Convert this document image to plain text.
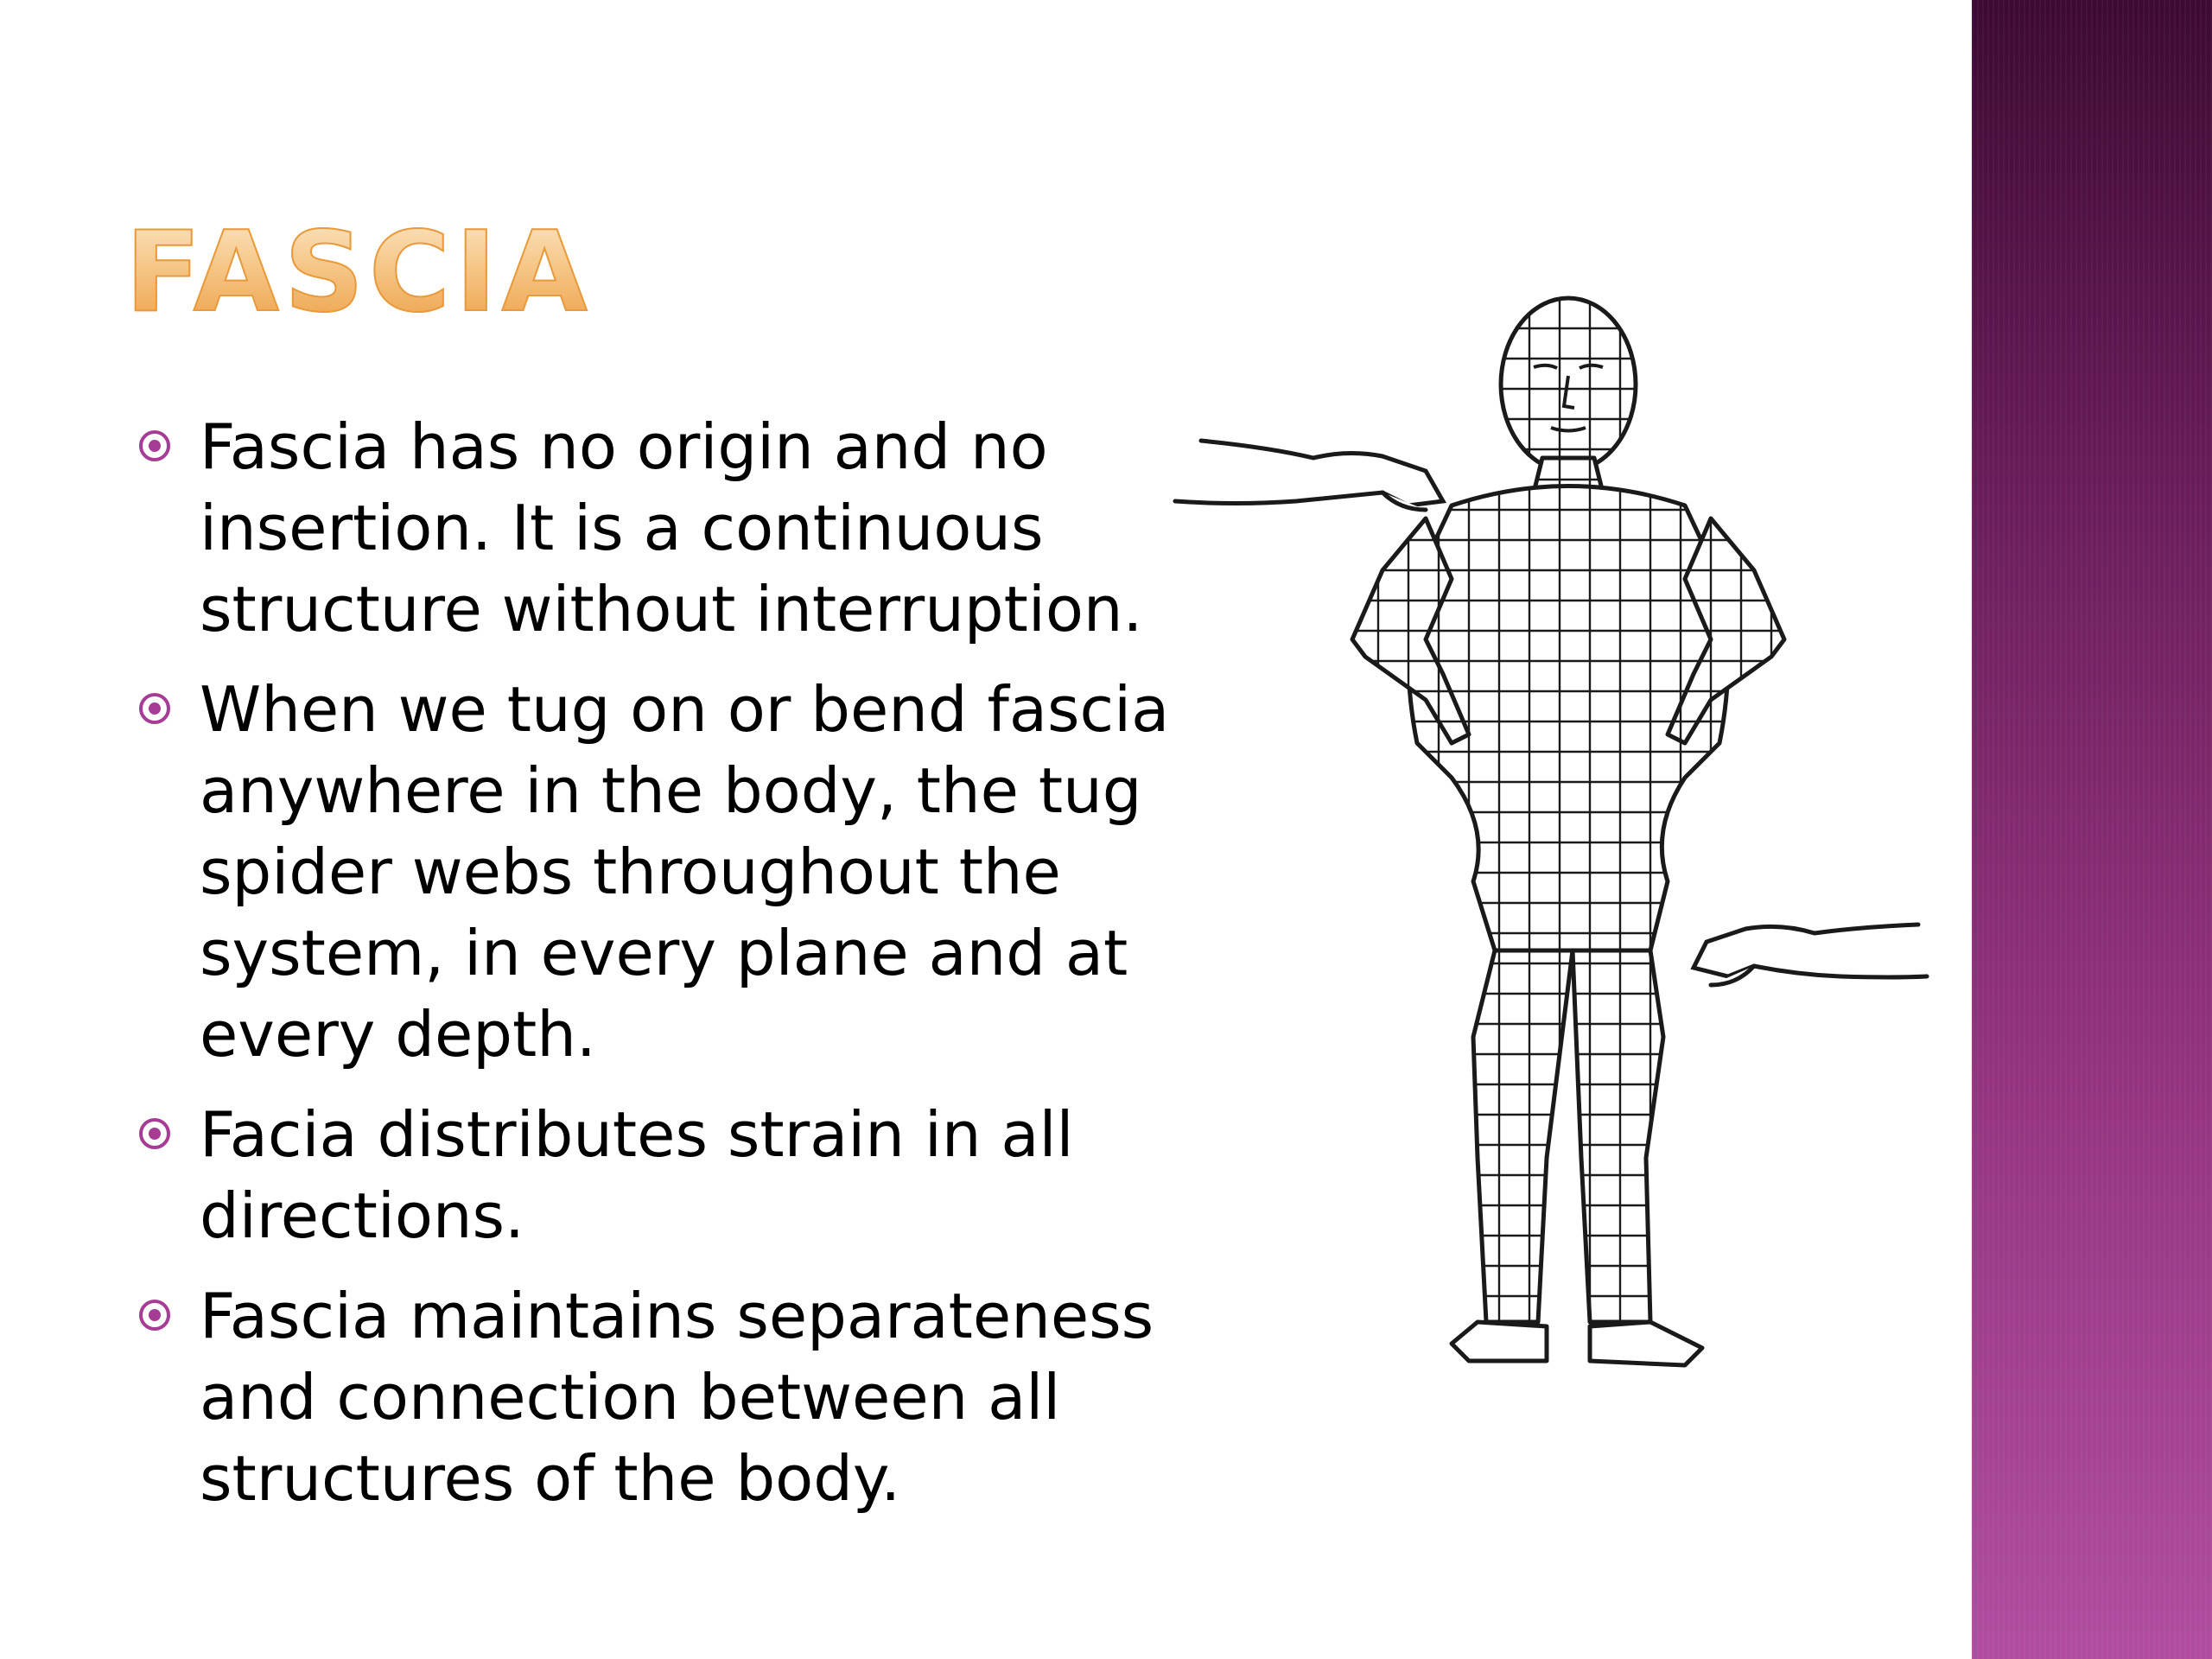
FASCIA
Fascia has no origin and no insertion. It is a continuous structure without interruption.
When we tug on or bend fascia anywhere in the body, the tug spider webs throughout the system, in every plane and at every depth.
Facia distributes strain in all directions.
Fascia maintains separateness and connection between all structures of the body.
